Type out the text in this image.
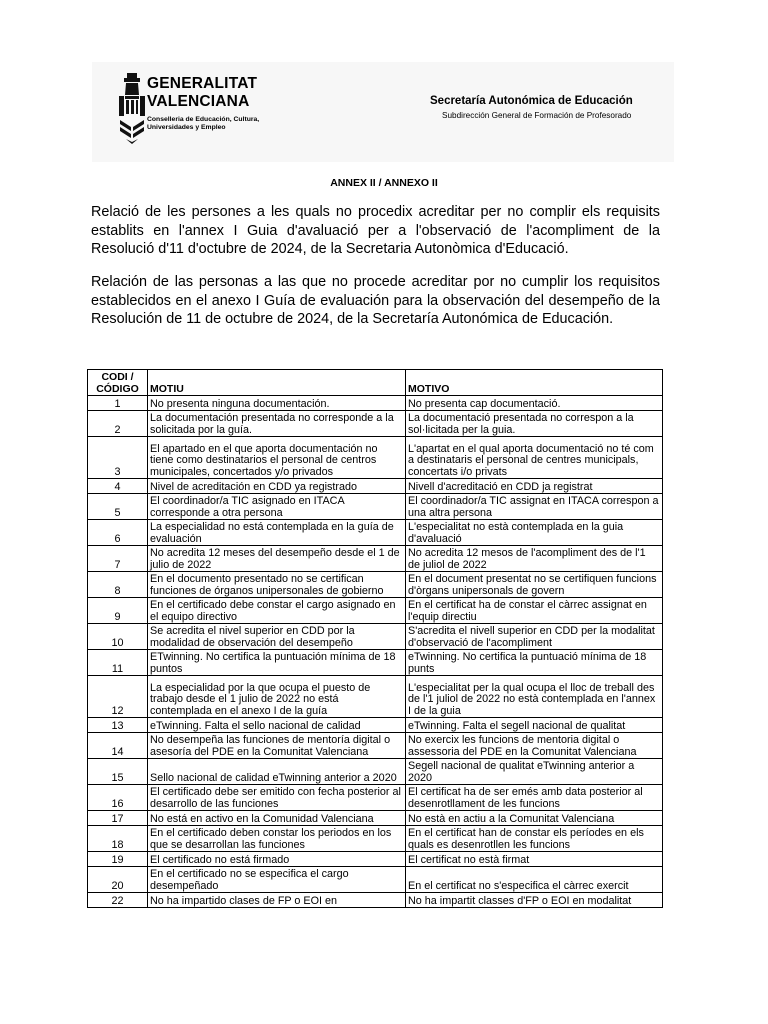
GENERALITAT
VALENCIANA
Conselleria de Educación, Cultura,
Universidades y Empleo
Secretaría Autonómica de Educación
Subdirección General de Formación de Profesorado
ANNEX II / ANNEXO II

Relació de les persones a les quals no procedix acreditar per no complir els requisits establits en l'annex I Guia d'avaluació per a l'observació de l'acompliment de la Resolució d'11 d'octubre de 2024, de la Secretaria Autonòmica d'Educació.

Relación de las personas a las que no procede acreditar por no cumplir los requisitos establecidos en el anexo I Guía de evaluación para la observación del desempeño de la Resolución de 11 de octubre de 2024, de la Secretaría Autonómica de Educación.

CODI /
CÓDIGO	MOTIU	MOTIVO
1	No presenta ninguna documentación.	No presenta cap documentació.
2	La documentación presentada no corresponde a la solicitada por la guía.	La documentació presentada no correspon a la sol·licitada per la guia.
3	El apartado en el que aporta documentación no tiene como destinatarios el personal de centros municipales, concertados y/o privados	L'apartat en el qual aporta documentació no té com a destinataris el personal de centres municipals, concertats i/o privats
4	Nivel de acreditación en CDD ya registrado	Nivell d'acreditació en CDD ja registrat
5	El coordinador/a TIC asignado en ITACA corresponde a otra persona	El coordinador/a TIC assignat en ITACA correspon a una altra persona
6	La especialidad no está contemplada en la guía de evaluación	L'especialitat no està contemplada en la guia d'avaluació
7	No acredita 12 meses del desempeño desde el 1 de julio de 2022	No acredita 12 mesos de l'acompliment des de l'1 de juliol de 2022
8	En el documento presentado no se certifican funciones de órganos unipersonales de gobierno	En el document presentat no se certifiquen funcions d'òrgans unipersonals de govern
9	En el certificado debe constar el cargo asignado en el equipo directivo	En el certificat ha de constar el càrrec assignat en l'equip directiu
10	Se acredita el nivel superior en CDD por la modalidad de observación del desempeño	S'acredita el nivell superior en CDD per la modalitat d'observació de l'acompliment
11	ETwinning. No certifica la puntuación mínima de 18 puntos	eTwinning. No certifica la puntuació mínima de 18 punts
12	La especialidad por la que ocupa el puesto de trabajo desde el 1 julio de 2022 no está contemplada en el anexo I de la guía	L'especialitat per la qual ocupa el lloc de treball des de l'1 juliol de 2022 no està contemplada en l'annex I de la guia
13	eTwinning. Falta el sello nacional de calidad	eTwinning. Falta el segell nacional de qualitat
14	No desempeña las funciones de mentoría digital o asesoría del PDE en la Comunitat Valenciana	No exercix les funcions de mentoria digital o assessoria del PDE en la Comunitat Valenciana
15	Sello nacional de calidad eTwinning anterior a 2020	Segell nacional de qualitat eTwinning anterior a 2020
16	El certificado debe ser emitido con fecha posterior al desarrollo de las funciones	El certificat ha de ser emés amb data posterior al desenrotllament de les funcions
17	No está en activo en la Comunidad Valenciana	No està en actiu a la Comunitat Valenciana
18	En el certificado deben constar los periodos en los que se desarrollan las funciones	En el certificat han de constar els períodes en els quals es desenrotllen les funcions
19	El certificado no está firmado	El certificat no està firmat
20	En el certificado no se especifica el cargo desempeñado	En el certificat no s'especifica el càrrec exercit
22	No ha impartido clases de FP o EOI en	No ha impartit classes d'FP o EOI en modalitat
